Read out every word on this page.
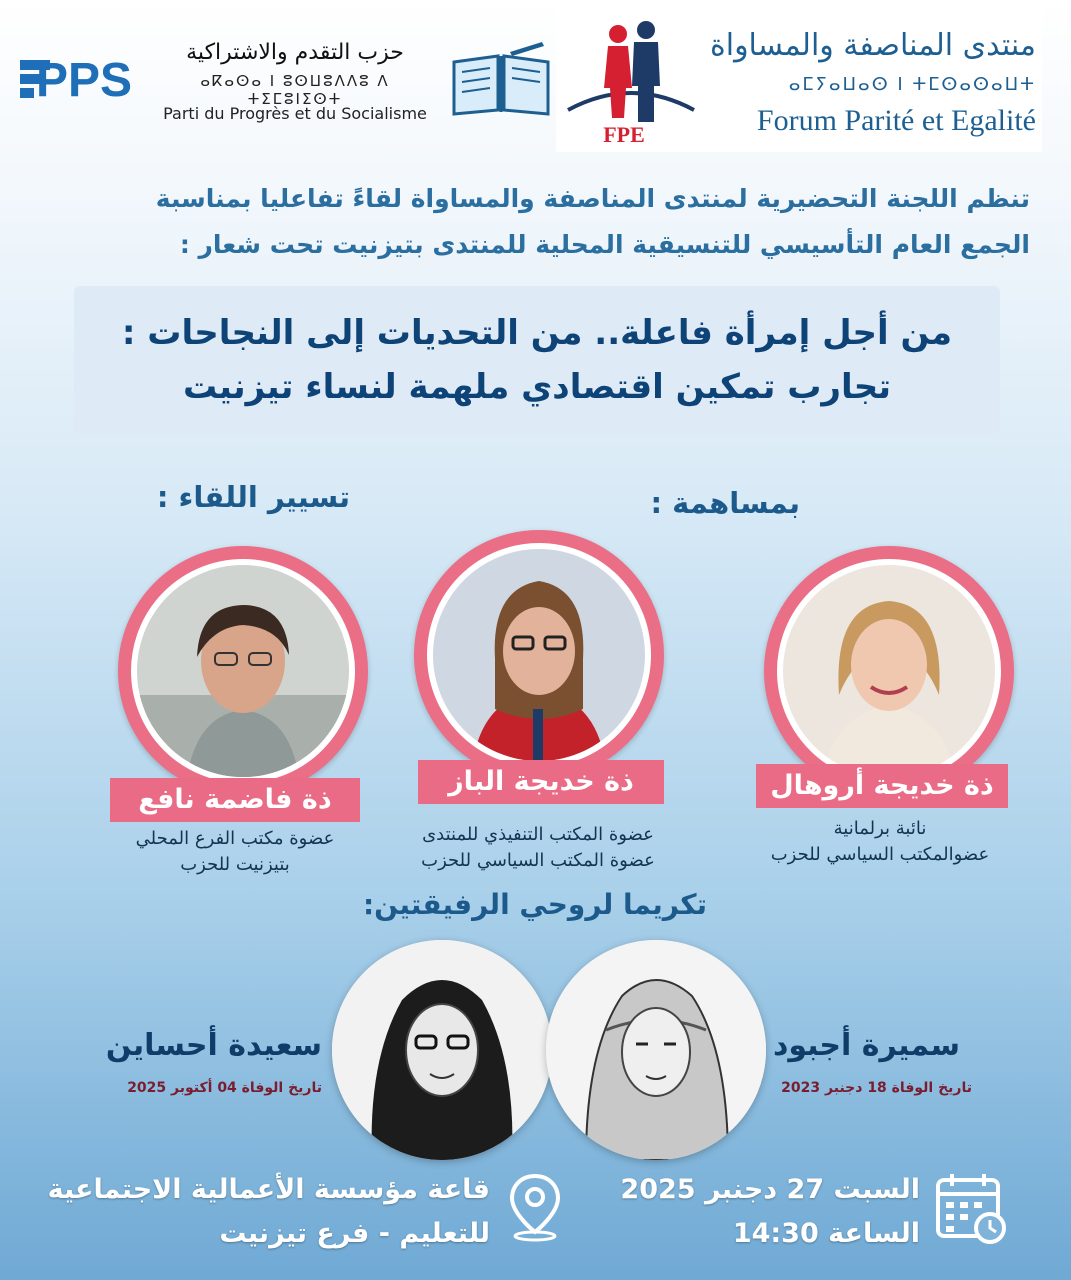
PPS
حزب التقدم والاشتراكية
ⴰⴽⴰⵙⴰ ⵏ ⵓⵙⵡⵓⴷⴷⵓ ⴷ ⵜⵉⵎⵓⵏⵉⵙⵜ
Parti du Progrès et du Socialisme
FPE
منتدى المناصفة والمساواة
ⴰⵎⵢⴰⵡⴰⵙ ⵏ ⵜⵎⵙⴰⵙⴰⵡⵜ
Forum Parité et Egalité
تنظم اللجنة التحضيرية لمنتدى المناصفة والمساواة لقاءً تفاعليا بمناسبة
الجمع العام التأسيسي للتنسيقية المحلية للمنتدى بتيزنيت تحت شعار :
من أجل إمرأة فاعلة.. من التحديات إلى النجاحات :
تجارب تمكين اقتصادي ملهمة لنساء تيزنيت
بمساهمة :
تسيير اللقاء :
ذة فاضمة نافع
ذة خديجة الباز	ذة خديجة أروهال
عضوة مكتب الفرع المحلي
بتيزنيت للحزب
عضوة المكتب التنفيذي للمنتدى
عضوة المكتب السياسي للحزب
نائبة برلمانية
عضوالمكتب السياسي للحزب
تكريما لروحي الرفيقتين:
سعيدة أحساين
تاريخ الوفاة 04 أكتوبر 2025
سميرة أجبود
تاريخ الوفاة 18 دجنبر 2023
قاعة مؤسسة الأعمالية الاجتماعية
للتعليم - فرع تيزنيت
السبت 27 دجنبر 2025
الساعة 14:30
